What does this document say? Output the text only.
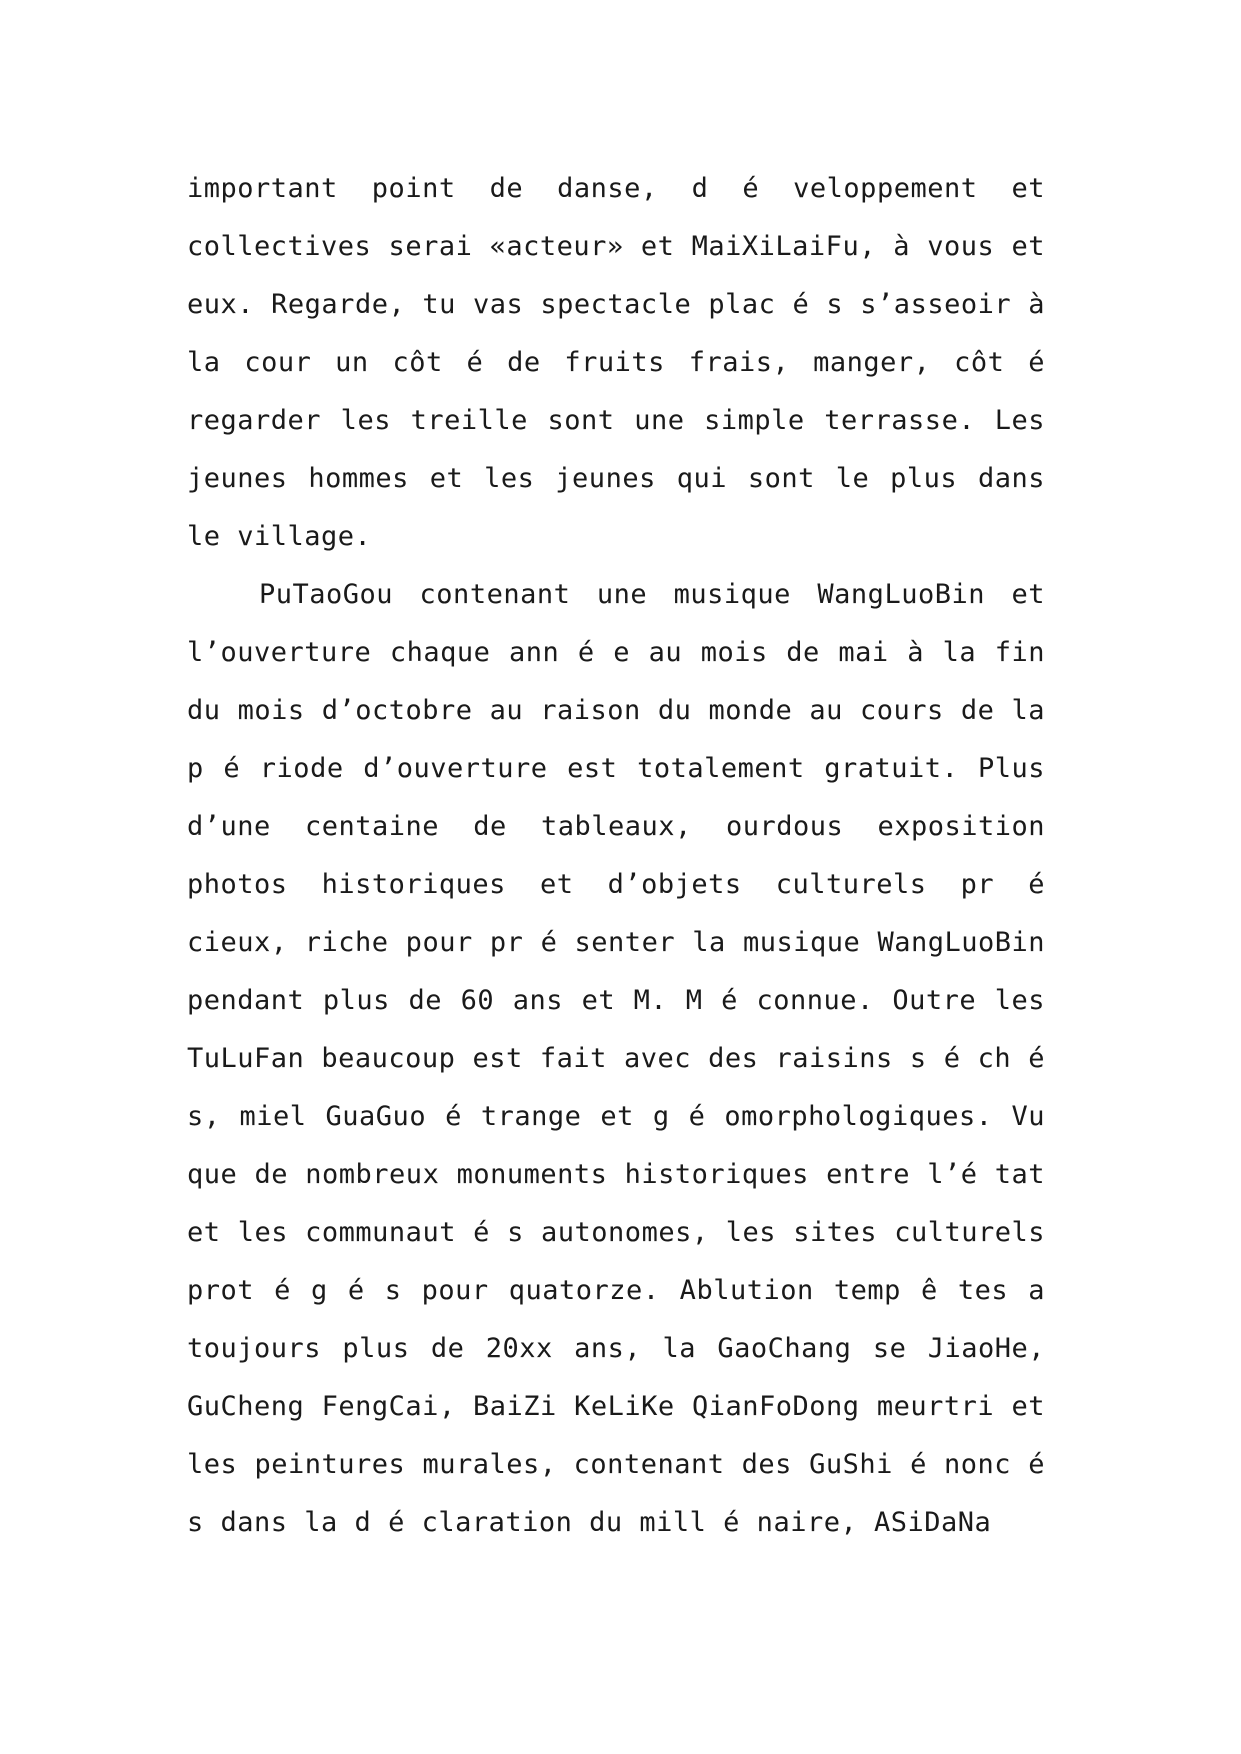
important point de danse, d é veloppement et collectives serai «acteur» et MaiXiLaiFu, à vous et eux. Regarde, tu vas spectacle plac é s s’asseoir à la cour un côt é de fruits frais, manger, côt é regarder les treille sont une simple terrasse. Les jeunes hommes et les jeunes qui sont le plus dans le village.

PuTaoGou contenant une musique WangLuoBin et l’ouverture chaque ann é e au mois de mai à la fin du mois d’octobre au raison du monde au cours de la p é riode d’ouverture est totalement gratuit. Plus d’une centaine de tableaux, ourdous exposition photos historiques et d’objets culturels pr é cieux, riche pour pr é senter la musique WangLuoBin pendant plus de 60 ans et M. M é connue. Outre les TuLuFan beaucoup est fait avec des raisins s é ch é s, miel GuaGuo é trange et g é omorphologiques. Vu que de nombreux monuments historiques entre l’é tat et les communaut é s autonomes, les sites culturels prot é g é s pour quatorze. Ablution temp ê tes a toujours plus de 20xx ans, la GaoChang se JiaoHe, GuCheng FengCai, BaiZi KeLiKe QianFoDong meurtri et les peintures murales, contenant des GuShi é nonc é s dans la d é claration du mill é naire, ASiDaNa
